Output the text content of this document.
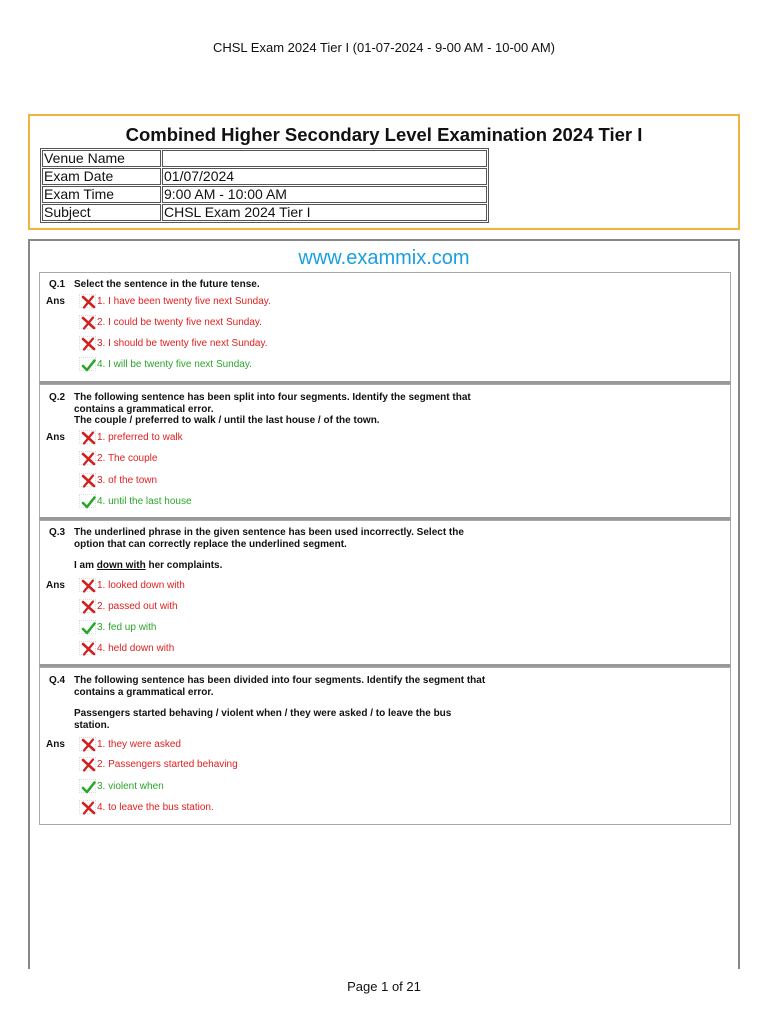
CHSL Exam 2024 Tier I (01-07-2024 - 9-00 AM - 10-00 AM)
Combined Higher Secondary Level Examination 2024 Tier I
Venue Name	
Exam Date	01/07/2024
Exam Time	9:00 AM - 10:00 AM
Subject	CHSL Exam 2024 Tier I
www.exammix.com
Q.1 Select the sentence in the future tense.
Ans	1. I have been twenty five next Sunday.
2. I could be twenty five next Sunday.
3. I should be twenty five next Sunday.
4. I will be twenty five next Sunday.
Q.2 The following sentence has been split into four segments. Identify the segment that
contains a grammatical error.
The couple / preferred to walk / until the last house / of the town.
Ans	1. preferred to walk
2. The couple
3. of the town
4. until the last house
Q.3 The underlined phrase in the given sentence has been used incorrectly. Select the
option that can correctly replace the underlined segment.
I am down with her complaints.
Ans	1. looked down with
2. passed out with
3. fed up with
4. held down with
Q.4 The following sentence has been divided into four segments. Identify the segment that
contains a grammatical error.
Passengers started behaving / violent when / they were asked / to leave the bus
station.
Ans	1. they were asked
2. Passengers started behaving
3. violent when
4. to leave the bus station.
Page 1 of 21
